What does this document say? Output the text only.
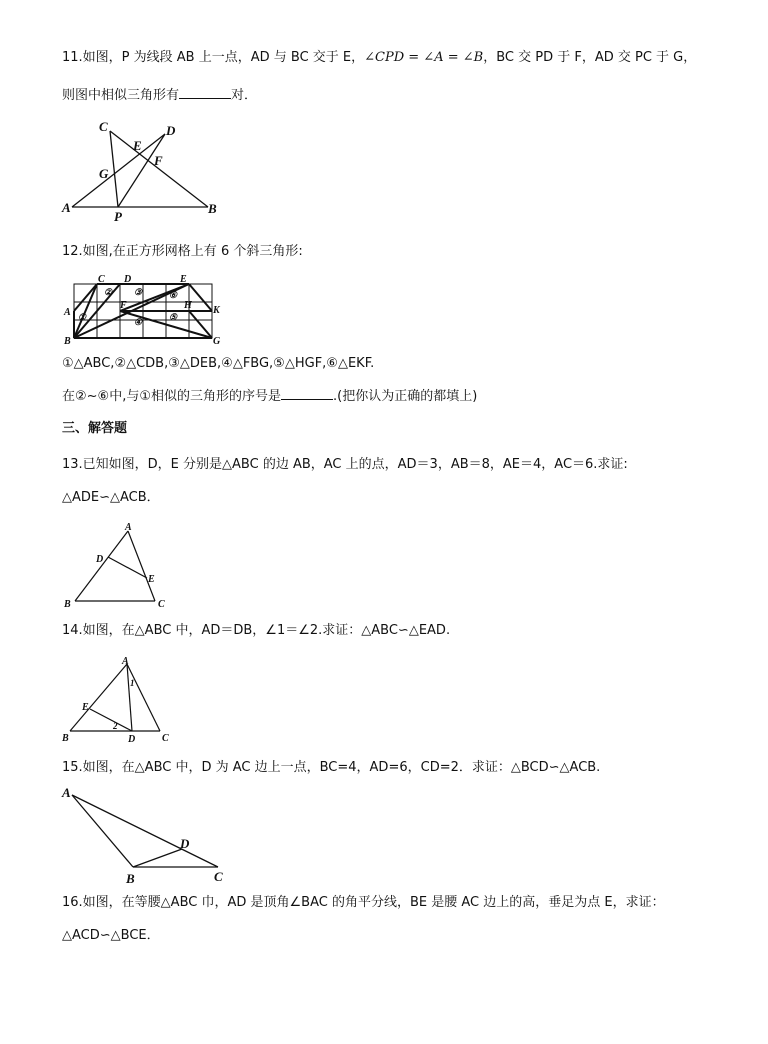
11.如图，P 为线段 AB 上一点，AD 与 BC 交于 E，∠CPD = ∠A = ∠B，BC 交 PD 于 F，AD 交 PC 于 G，
则图中相似三角形有	对．
A	B
C	D
E
F
G
P
12.如图,在正方形网格上有 6 个斜三角形:
A
B
C D	E
F
G
H K
①
② ③
④	⑤
⑥
①△ABC,②△CDB,③△DEB,④△FBG,⑤△HGF,⑥△EKF.
在②~⑥中,与①相似的三角形的序号是	.(把你认为正确的都填上)
三、解答题
13.已知如图，D，E 分别是△ABC 的边 AB，AC 上的点，AD＝3，AB＝8，AE＝4，AC＝6.求证:
△ADE∽△ACB．
A
B	C
D
E
14.如图，在△ABC 中，AD＝DB，∠1＝∠2.求证：△ABC∽△EAD.
A
B	C
D
E
1
2
15.如图，在△ABC 中，D 为 AC 边上一点，BC=4，AD=6，CD=2．求证：△BCD∽△ACB.
A
B	C
D
16.如图，在等腰△ABC 巾，AD 是顶角∠BAC 的角平分线，BE 是腰 AC 边上的高，垂足为点 E，求证：
△ACD∽△BCE．
